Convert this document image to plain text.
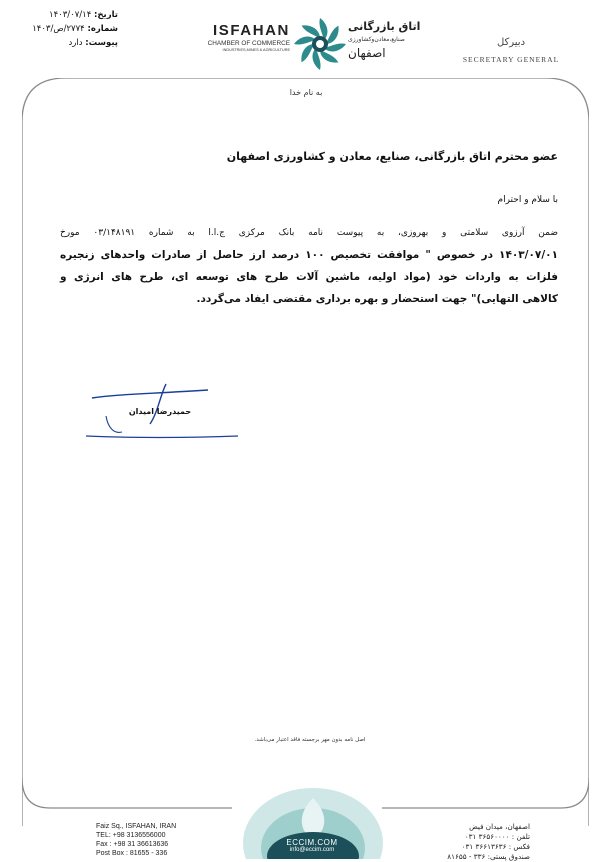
تاریخ: ۱۴۰۳/۰۷/۱۴
شماره: ۲۷۷۴/ص/۱۴۰۳
پیوست: دارد
ISFAHAN
CHAMBER OF COMMERCE
INDUSTRIES,MINES & AGRICULTURE
اتاق بازرگانی
صنایع،معادن‌وکشاورزی
اصفهان
دبیرکل
SECRETARY GENERAL
به نام خدا
عضو محترم اتاق بازرگانی، صنایع، معادن و کشاورزی اصفهان
با سلام و احترام
ضمن آرزوی سلامتی و بهروزی، به پیوست نامه بانک مرکزی ج.ا.ا به شماره ۰۳/۱۴۸۱۹۱ مورخ
۱۴۰۳/۰۷/۰۱ در خصوص " موافقت تخصیص ۱۰۰ درصد ارز حاصل از صادرات واحدهای زنجیره
فلزات به واردات خود (مواد اولیه، ماشین آلات طرح های توسعه ای، طرح های انرژی و
کالاهی التهایی)" جهت استحضار و بهره برداری مقتضی ایفاد می‌گردد.
حمیدرضا امیدان
اصل نامه بدون مهر برجسته فاقد اعتبار می‌باشد.
ECCIM.COM
info@eccim.com
Faiz Sq., ISFAHAN, IRAN
TEL: +98 3136556000
Fax : +98 31 36613636
Post Box : 81655 - 336
اصفهان، میدان فیض
تلفن : ۳۶۵۶۰۰۰۰ ۰۳۱
فکس : ۳۶۶۱۳۶۳۶ ۰۳۱
صندوق پستی: ۳۳۶ - ۸۱۶۵۵
